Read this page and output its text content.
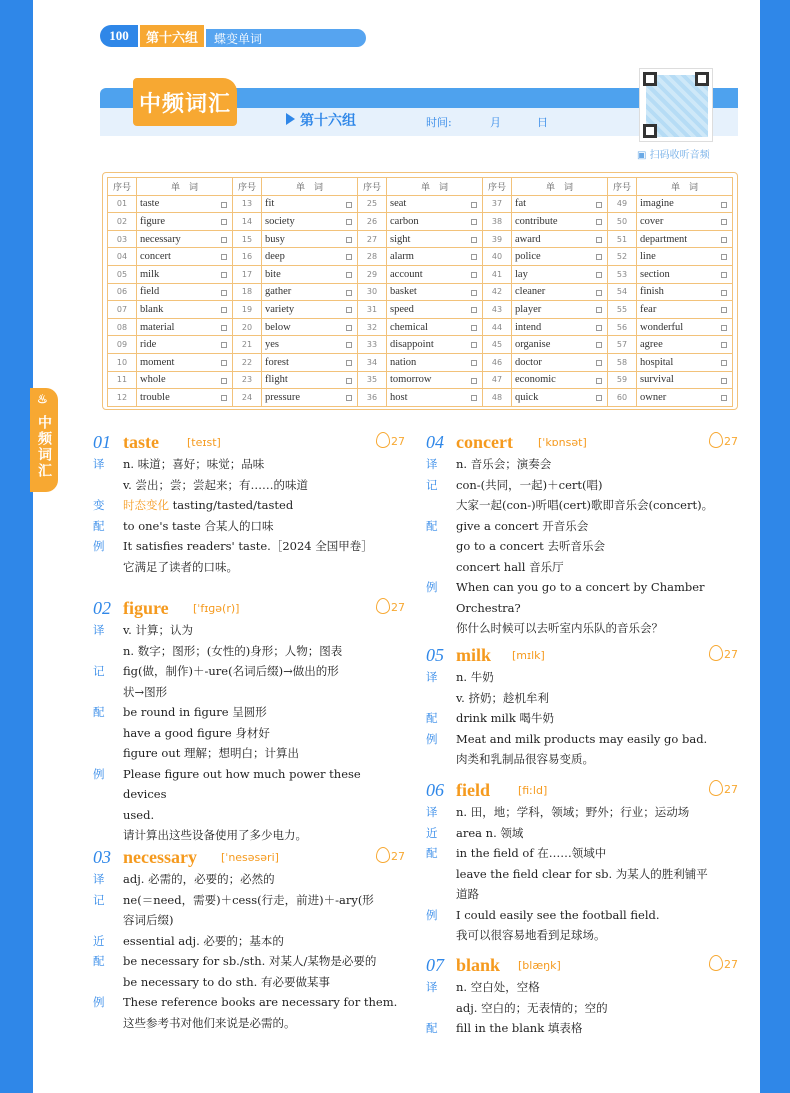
100	第十六组	蝶变单词
中频词汇
第十六组	时间:	月	日
▣ 扫码收听音频
序号	单　词	序号	单　词	序号	单　词	序号	单　词	序号	单　词
01	taste	13	fit	25	seat	37	fat	49	imagine

02	figure	14	society	26	carbon	38	contribute	50	cover

03	necessary	15	busy	27	sight	39	award	51	department

04	concert	16	deep	28	alarm	40	police	52	line

05	milk	17	bite	29	account	41	lay	53	section

06	field	18	gather	30	basket	42	cleaner	54	finish

07	blank	19	variety	31	speed	43	player	55	fear

08	material	20	below	32	chemical	44	intend	56	wonderful

09	ride	21	yes	33	disappoint	45	organise	57	agree

10	moment	22	forest	34	nation	46	doctor	58	hospital

11	whole	23	flight	35	tomorrow	47	economic	59	survival

12	trouble	24	pressure	36	host	48	quick	60	owner
♨
中频词汇 01 taste	[teɪst]	27
译	n. 味道；喜好；味觉；品味
v. 尝出；尝；尝起来；有……的味道
变	时态变化 tasting/tasted/tasted
配	to one's taste 合某人的口味
例	It satisfies readers' taste.［2024 全国甲卷］
它满足了读者的口味。
02 figure [ˈfɪɡə(r)]	27
译	v. 计算；认为
n. 数字；图形；(女性的)身形；人物；图表
记	fig(做，制作)＋-ure(名词后缀)→做出的形
状→图形
配	be round in figure 呈圆形
have a good figure 身材好
figure out 理解；想明白；计算出
例	Please figure out how much power these devices
used.
请计算出这些设备使用了多少电力。
03 necessary [ˈnesəsəri]	27
译	adj. 必需的，必要的；必然的
记	ne(＝need，需要)＋cess(行走，前进)＋-ary(形
容词后缀)
近	essential adj. 必要的；基本的
配	be necessary for sb./sth. 对某人/某物是必要的
be necessary to do sth. 有必要做某事
例	These reference books are necessary for them.
这些参考书对他们来说是必需的。
04 concert [ˈkɒnsət]	27
译	n. 音乐会；演奏会
记	con-(共同，一起)＋cert(唱)
大家一起(con-)听唱(cert)歌即音乐会(concert)。
配	give a concert 开音乐会
go to a concert 去听音乐会
concert hall 音乐厅
例	When can you go to a concert by Chamber
Orchestra?
你什么时候可以去听室内乐队的音乐会？
05 milk [mɪlk]	27
译	n. 牛奶
v. 挤奶；趁机牟利
配	drink milk 喝牛奶
例	Meat and milk products may easily go bad.
肉类和乳制品很容易变质。
06 field	[fiːld]	27
译	n. 田，地；学科，领域；野外；行业；运动场
近	area n. 领域
配	in the field of 在……领域中
leave the field clear for sb. 为某人的胜利铺平
道路
例	I could easily see the football field.
我可以很容易地看到足球场。
07 blank [blæŋk]	27
译	n. 空白处，空格
adj. 空白的；无表情的；空的
配	fill in the blank 填表格
